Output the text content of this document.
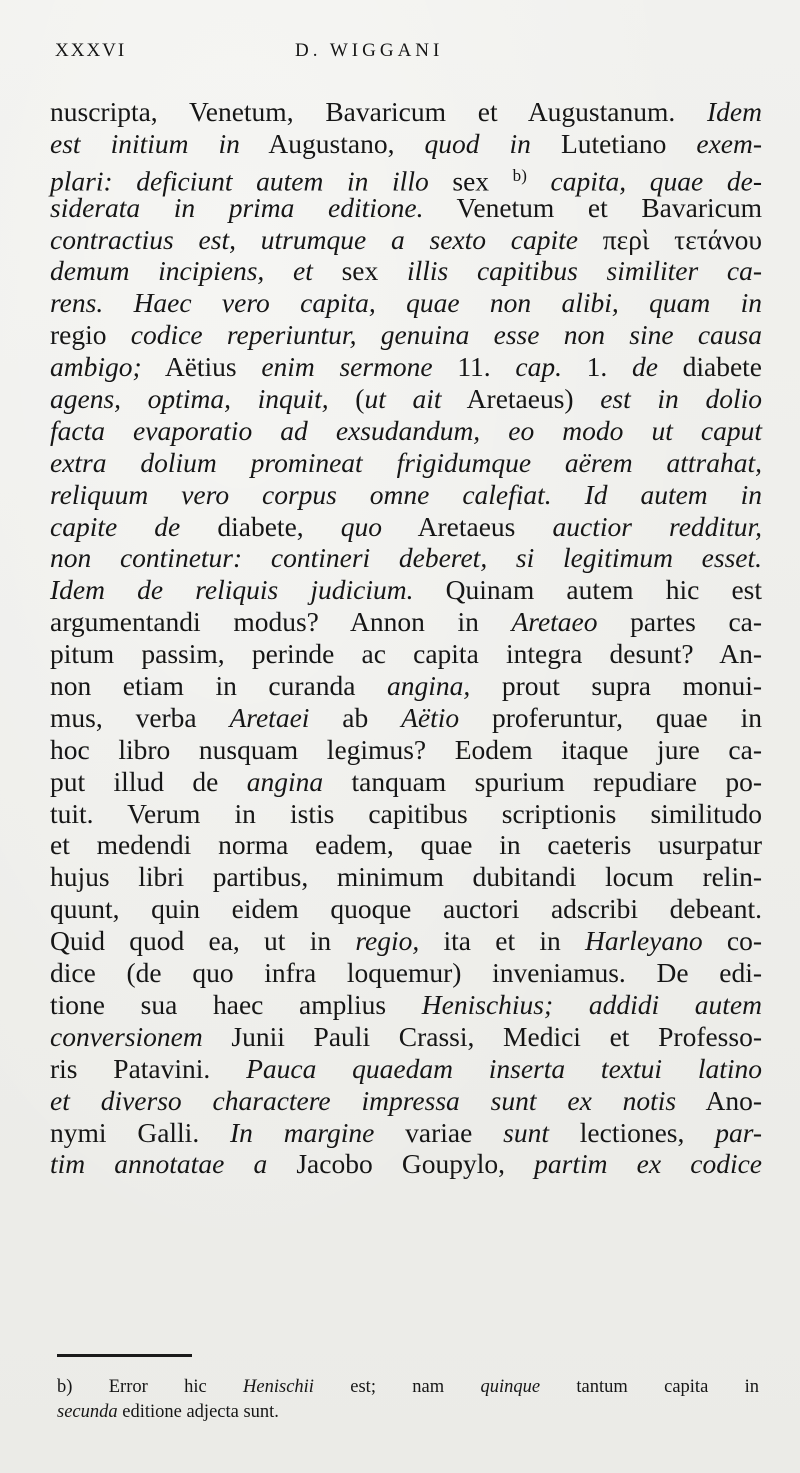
XXXVI	D. WIGGANI
nuscripta, Venetum, Bavaricum et Augustanum. Idem
est initium in Augustano, quod in Lutetiano exem-
plari: deficiunt autem in illo sex $^{b)}$ capita, quae de-
siderata in prima editione. Venetum et Bavaricum
contractius est, utrumque a sexto capite περὶ τετάνου
demum incipiens, et sex illis capitibus similiter ca-
rens. Haec vero capita, quae non alibi, quam in
regio codice reperiuntur, genuina esse non sine causa
ambigo; Aëtius enim sermone 11. cap. 1. de diabete
agens, optima, inquit, (ut ait Aretaeus) est in dolio
facta evaporatio ad exsudandum, eo modo ut caput
extra dolium promineat frigidumque aërem attrahat,
reliquum vero corpus omne calefiat. Id autem in
capite de diabete, quo Aretaeus auctior redditur,
non continetur: contineri deberet, si legitimum esset.
Idem de reliquis judicium. Quinam autem hic est
argumentandi modus? Annon in Aretaeo partes ca-
pitum passim, perinde ac capita integra desunt? An-
non etiam in curanda angina, prout supra monui-
mus, verba Aretaei ab Aëtio proferuntur, quae in
hoc libro nusquam legimus? Eodem itaque jure ca-
put illud de angina tanquam spurium repudiare po-
tuit. Verum in istis capitibus scriptionis similitudo
et medendi norma eadem, quae in caeteris usurpatur
hujus libri partibus, minimum dubitandi locum relin-
quunt, quin eidem quoque auctori adscribi debeant.
Quid quod ea, ut in regio, ita et in Harleyano co-
dice (de quo infra loquemur) inveniamus. De edi-
tione sua haec amplius Henischius; addidi autem
conversionem Junii Pauli Crassi, Medici et Professo-
ris Patavini. Pauca quaedam inserta textui latino
et diverso charactere impressa sunt ex notis Ano-
nymi Galli. In margine variae sunt lectiones, par-
tim annotatae a Jacobo Goupylo, partim ex codice
b) Error hic Henischii est; nam quinque tantum capita in
secunda editione adjecta sunt.
